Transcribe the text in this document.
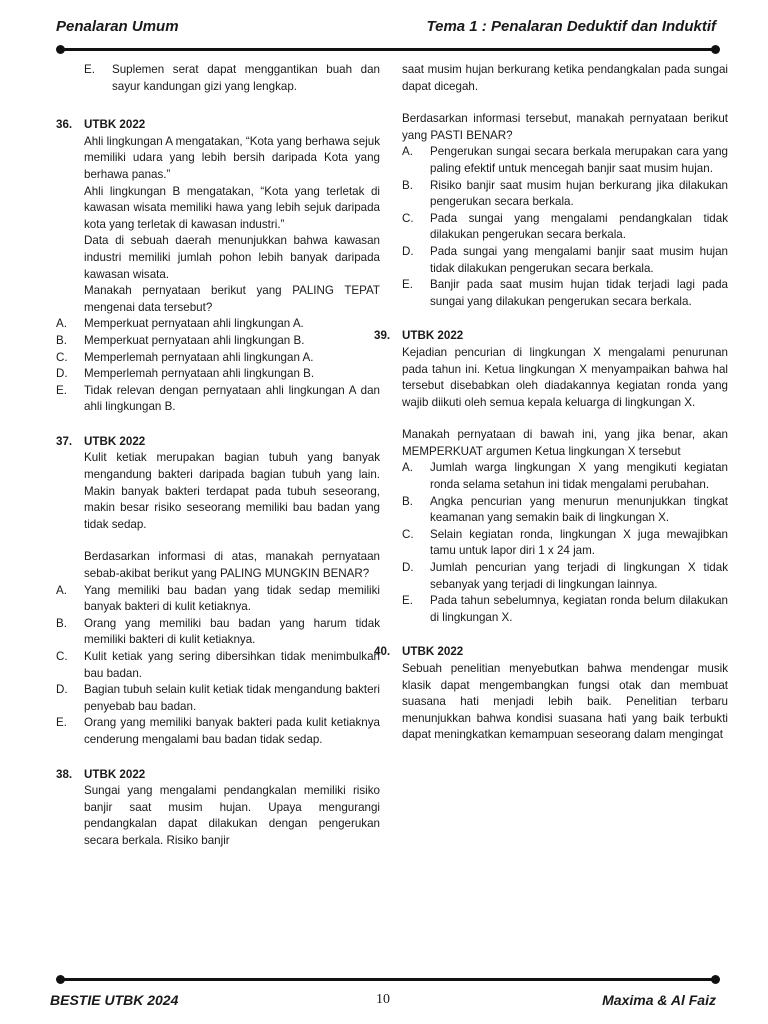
Penalaran Umum	Tema 1 : Penalaran Deduktif dan Induktif
E.	Suplemen serat dapat menggantikan buah dan sayur kandungan gizi yang lengkap.
36.	UTBK 2022
Ahli lingkungan A mengatakan, “Kota yang berhawa sejuk memiliki udara yang lebih bersih daripada Kota yang berhawa panas.”
Ahli lingkungan B mengatakan, “Kota yang terletak di kawasan wisata memiliki hawa yang lebih sejuk daripada kota yang terletak di kawasan industri.”
Data di sebuah daerah menunjukkan bahwa kawasan industri memiliki jumlah pohon lebih banyak daripada kawasan wisata.
Manakah pernyataan berikut yang PALING TEPAT mengenai data tersebut?
A.	Memperkuat pernyataan ahli lingkungan A.
B.	Memperkuat pernyataan ahli lingkungan B.
C.	Memperlemah pernyataan ahli lingkungan A.
D.	Memperlemah pernyataan ahli lingkungan B.
E.	Tidak relevan dengan pernyataan ahli lingkungan A dan ahli lingkungan B.
37.	UTBK 2022
Kulit ketiak merupakan bagian tubuh yang banyak mengandung bakteri daripada bagian tubuh yang lain. Makin banyak bakteri terdapat pada tubuh seseorang, makin besar risiko seseorang memiliki bau badan yang tidak sedap.
Berdasarkan informasi di atas, manakah pernyataan sebab-akibat berikut yang PALING MUNGKIN BENAR?
A.	Yang memiliki bau badan yang tidak sedap memiliki banyak bakteri di kulit ketiaknya.
B.	Orang yang memiliki bau badan yang harum tidak memiliki bakteri di kulit ketiaknya.
C.	Kulit ketiak yang sering dibersihkan tidak menimbulkan bau badan.
D.	Bagian tubuh selain kulit ketiak tidak mengandung bakteri penyebab bau badan.
E.	Orang yang memiliki banyak bakteri pada kulit ketiaknya cenderung mengalami bau badan tidak sedap.
38.	UTBK 2022
Sungai yang mengalami pendangkalan memiliki risiko banjir saat musim hujan. Upaya mengurangi pendangkalan dapat dilakukan dengan pengerukan secara berkala. Risiko banjir
saat musim hujan berkurang ketika pendangkalan pada sungai dapat dicegah.
Berdasarkan informasi tersebut, manakah pernyataan berikut yang PASTI BENAR?
A.	Pengerukan sungai secara berkala merupakan cara yang paling efektif untuk mencegah banjir saat musim hujan.
B.	Risiko banjir saat musim hujan berkurang jika dilakukan pengerukan secara berkala.
C.	Pada sungai yang mengalami pendangkalan tidak dilakukan pengerukan secara berkala.
D.	Pada sungai yang mengalami banjir saat musim hujan tidak dilakukan pengerukan secara berkala.
E.	Banjir pada saat musim hujan tidak terjadi lagi pada sungai yang dilakukan pengerukan secara berkala.
39.	UTBK 2022
Kejadian pencurian di lingkungan X mengalami penurunan pada tahun ini. Ketua lingkungan X menyampaikan bahwa hal tersebut disebabkan oleh diadakannya kegiatan ronda yang wajib diikuti oleh semua kepala keluarga di lingkungan X.
Manakah pernyataan di bawah ini, yang jika benar, akan MEMPERKUAT argumen Ketua lingkungan X tersebut
A.	Jumlah warga lingkungan X yang mengikuti kegiatan ronda selama setahun ini tidak mengalami perubahan.
B.	Angka pencurian yang menurun menunjukkan tingkat keamanan yang semakin baik di lingkungan X.
C.	Selain kegiatan ronda, lingkungan X juga mewajibkan tamu untuk lapor diri 1 x 24 jam.
D.	Jumlah pencurian yang terjadi di lingkungan X tidak sebanyak yang terjadi di lingkungan lainnya.
E.	Pada tahun sebelumnya, kegiatan ronda belum dilakukan di lingkungan X.
40.	UTBK 2022
Sebuah penelitian menyebutkan bahwa mendengar musik klasik dapat mengembangkan fungsi otak dan membuat suasana hati menjadi lebih baik. Penelitian terbaru menunjukkan bahwa kondisi suasana hati yang baik terbukti dapat meningkatkan kemampuan seseorang dalam mengingat
BESTIE UTBK 2024	10	Maxima & Al Faiz
